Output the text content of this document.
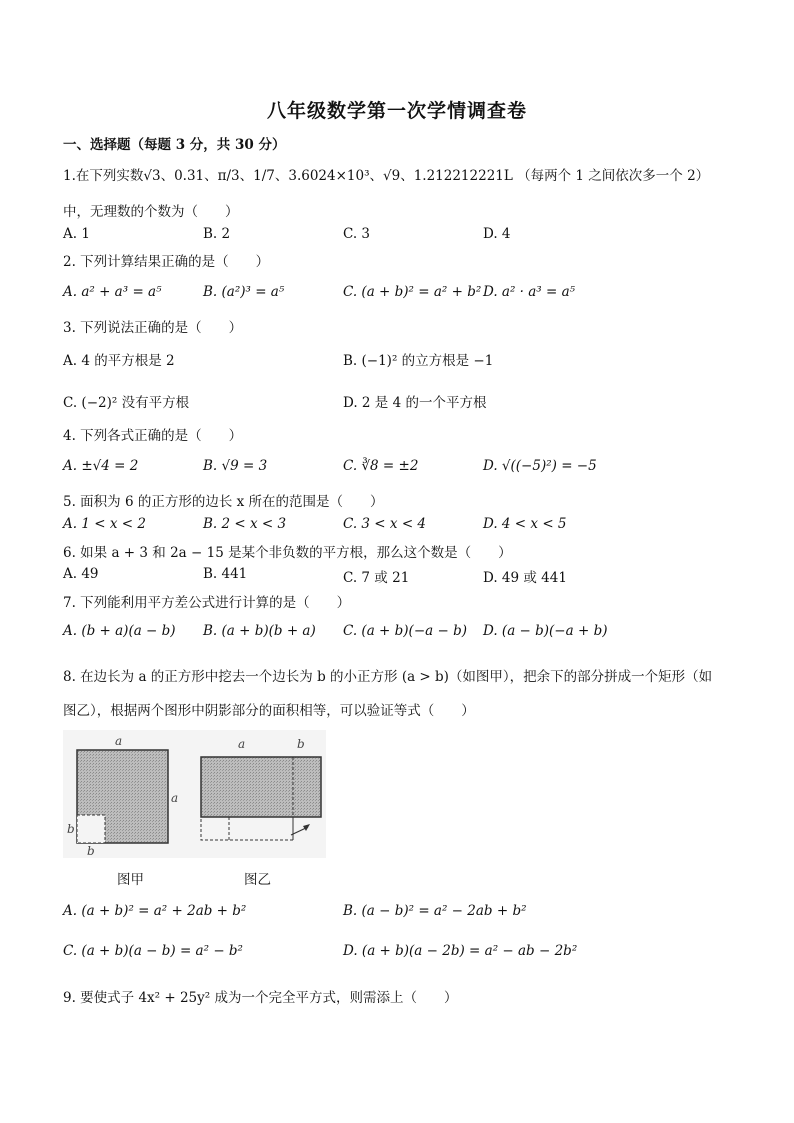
八年级数学第一次学情调查卷
一、选择题（每题 3 分，共 30 分）
1.在下列实数√3、0.31、π/3、1/7、3.6024×10³、√9、1.212212221L （每两个 1 之间依次多一个 2）
中，无理数的个数为（　　）
A. 1	B. 2	C. 3	D. 4
2. 下列计算结果正确的是（　　）
A. a² + a³ = a⁵	B. (a²)³ = a⁵	C. (a + b)² = a² + b² D. a² · a³ = a⁵
3. 下列说法正确的是（　　）
A. 4 的平方根是 2	B. (−1)² 的立方根是 −1
C. (−2)² 没有平方根	D. 2 是 4 的一个平方根
4. 下列各式正确的是（　　）
A. ±√4 = 2	B. √9 = 3	C. ∛8 = ±2	D. √((−5)²) = −5
5. 面积为 6 的正方形的边长 x 所在的范围是（　　）
A. 1 < x < 2	B. 2 < x < 3	C. 3 < x < 4	D. 4 < x < 5
6. 如果 a + 3 和 2a − 15 是某个非负数的平方根，那么这个数是（　　）
A. 49	B. 441	C. 7 或 21	D. 49 或 441
7. 下列能利用平方差公式进行计算的是（　　）
A. (b + a)(a − b) B. (a + b)(b + a) C. (a + b)(−a − b) D. (a − b)(−a + b)
8. 在边长为 a 的正方形中挖去一个边长为 b 的小正方形 (a > b)（如图甲），把余下的部分拼成一个矩形（如
图乙），根据两个图形中阴影部分的面积相等，可以验证等式（　　）
a
a
b
b
a	b
图甲	图乙
A. (a + b)² = a² + 2ab + b²	B. (a − b)² = a² − 2ab + b²
C. (a + b)(a − b) = a² − b²	D. (a + b)(a − 2b) = a² − ab − 2b²
9. 要使式子 4x² + 25y² 成为一个完全平方式，则需添上（　　）
